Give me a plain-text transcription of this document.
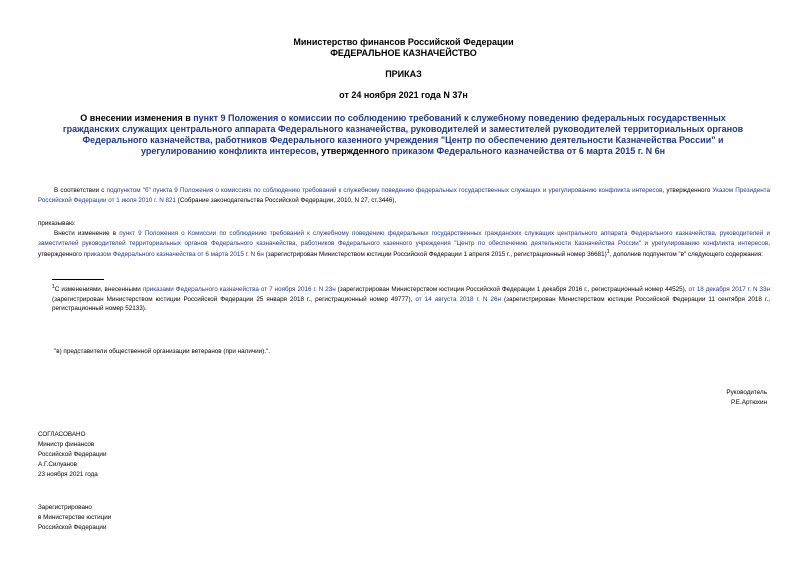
Министерство финансов Российской Федерации
ФЕДЕРАЛЬНОЕ КАЗНАЧЕЙСТВО
ПРИКАЗ
от 24 ноября 2021 года N 37н
О внесении изменения в пункт 9 Положения о комиссии по соблюдению требований к служебному поведению федеральных государственных гражданских служащих центрального аппарата Федерального казначейства, руководителей и заместителей руководителей территориальных органов Федерального казначейства, работников Федерального казенного учреждения "Центр по обеспечению деятельности Казначейства России" и урегулированию конфликта интересов, утвержденного приказом Федерального казначейства от 6 марта 2015 г. N 6н
В соответствии с подпунктом "б" пункта 9 Положения о комиссиях по соблюдению требований к служебному поведению федеральных государственных служащих и урегулированию конфликта интересов, утвержденного Указом Президента Российской Федерации от 1 июля 2010 г. N 821 (Собрание законодательства Российской Федерации, 2010, N 27, ст.3446),
приказываю:
Внести изменение в пункт 9 Положения о Комиссии по соблюдению требований к служебному поведению федеральных государственных гражданских служащих центрального аппарата Федерального казначейства, руководителей и заместителей руководителей территориальных органов Федерального казначейства, работников Федерального казенного учреждения "Центр по обеспечению деятельности Казначейства России" и урегулированию конфликта интересов, утвержденного приказом Федерального казначейства от 6 марта 2015 г. N 6н (зарегистрирован Министерством юстиции Российской Федерации 1 апреля 2015 г., регистрационный номер 36681)$^1$, дополнив подпунктом "в" следующего содержания:
$^1$С изменениями, внесенными приказами Федерального казначейства от 7 ноября 2016 г. N 23н (зарегистрирован Министерством юстиции Российской Федерации 1 декабря 2016 г., регистрационный номер 44525), от 18 декабря 2017 г. N 33н (зарегистрирован Министерством юстиции Российской Федерации 25 января 2018 г., регистрационный номер 49777), от 14 августа 2018 г. N 26н (зарегистрирован Министерством юстиции Российской Федерации 11 сентября 2018 г., регистрационный номер 52133).
"в) представители общественной организации ветеранов (при наличии).".
Руководитель
Р.Е.Артюхин
СОГЛАСОВАНО
Министр финансов
Российской Федерации
А.Г.Силуанов
23 ноября 2021 года
Зарегистрировано
в Министерстве юстиции
Российской Федерации
